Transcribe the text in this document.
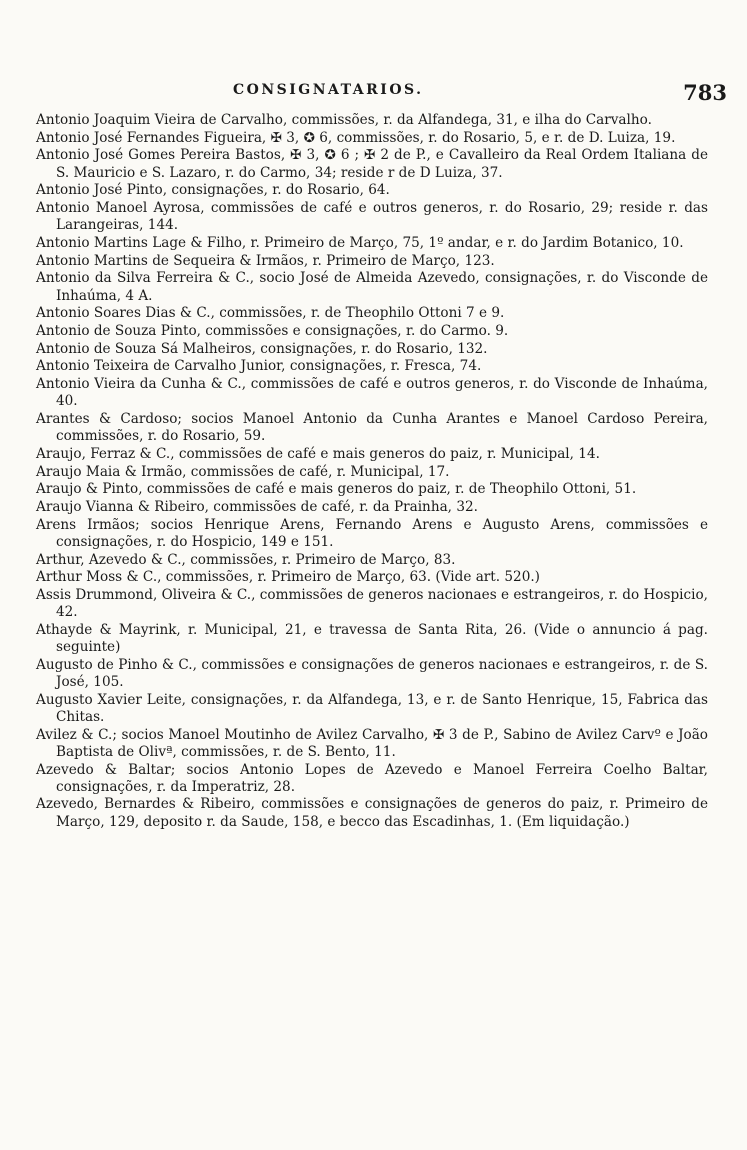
CONSIGNATARIOS.	783

Antonio Joaquim Vieira de Carvalho, commissões, r. da Alfandega, 31, e ilha do Carvalho.

Antonio José Fernandes Figueira, ✠ 3, ✪ 6, commissões, r. do Rosario, 5, e r. de D. Luiza, 19.

Antonio José Gomes Pereira Bastos, ✠ 3, ✪ 6 ; ✠ 2 de P., e Cavalleiro da Real Ordem Italiana de S. Mauricio e S. Lazaro, r. do Carmo, 34; reside r de D Luiza, 37.

Antonio José Pinto, consignações, r. do Rosario, 64.

Antonio Manoel Ayrosa, commissões de café e outros generos, r. do Rosario, 29; reside r. das Larangeiras, 144.

Antonio Martins Lage & Filho, r. Primeiro de Março, 75, 1º andar, e r. do Jardim Botanico, 10.

Antonio Martins de Sequeira & Irmãos, r. Primeiro de Março, 123.

Antonio da Silva Ferreira & C., socio José de Almeida Azevedo, consignações, r. do Visconde de Inhaúma, 4 A.

Antonio Soares Dias & C., commissões, r. de Theophilo Ottoni 7 e 9.

Antonio de Souza Pinto, commissões e consignações, r. do Carmo. 9.

Antonio de Souza Sá Malheiros, consignações, r. do Rosario, 132.

Antonio Teixeira de Carvalho Junior, consignações, r. Fresca, 74.

Antonio Vieira da Cunha & C., commissões de café e outros generos, r. do Visconde de Inhaúma, 40.

Arantes & Cardoso; socios Manoel Antonio da Cunha Arantes e Manoel Cardoso Pereira, commissões, r. do Rosario, 59.

Araujo, Ferraz & C., commissões de café e mais generos do paiz, r. Municipal, 14.

Araujo Maia & Irmão, commissões de café, r. Municipal, 17.

Araujo & Pinto, commissões de café e mais generos do paiz, r. de Theophilo Ottoni, 51.

Araujo Vianna & Ribeiro, commissões de café, r. da Prainha, 32.

Arens Irmãos; socios Henrique Arens, Fernando Arens e Augusto Arens, commissões e consignações, r. do Hospicio, 149 e 151.

Arthur, Azevedo & C., commissões, r. Primeiro de Março, 83.

Arthur Moss & C., commissões, r. Primeiro de Março, 63. (Vide art. 520.)

Assis Drummond, Oliveira & C., commissões de generos nacionaes e estrangeiros, r. do Hospicio, 42.

Athayde & Mayrink, r. Municipal, 21, e travessa de Santa Rita, 26. (Vide o annuncio á pag. seguinte)

Augusto de Pinho & C., commissões e consignações de generos nacionaes e estrangeiros, r. de S. José, 105.

Augusto Xavier Leite, consignações, r. da Alfandega, 13, e r. de Santo Henrique, 15, Fabrica das Chitas.

Avilez & C.; socios Manoel Moutinho de Avilez Carvalho, ✠ 3 de P., Sabino de Avilez Carvº e João Baptista de Olivª, commissões, r. de S. Bento, 11.

Azevedo & Baltar; socios Antonio Lopes de Azevedo e Manoel Ferreira Coelho Baltar, consignações, r. da Imperatriz, 28.

Azevedo, Bernardes & Ribeiro, commissões e consignações de generos do paiz, r. Primeiro de Março, 129, deposito r. da Saude, 158, e becco das Escadinhas, 1. (Em liquidação.)
